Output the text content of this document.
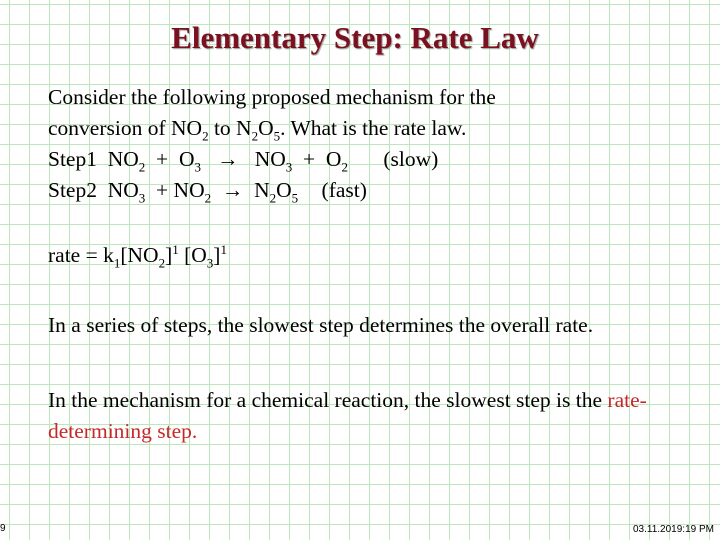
Elementary Step: Rate Law
Consider the following proposed mechanism for the
conversion of $NO_2$ to $N_2O_5$. What is the rate law.
Step1 $NO_2 + O_3 \to NO_3 + O_2$ (slow)
Step2 $NO_3 + NO_2 \to N_2O_5$ (fast)
rate = $k_1[NO_2]^1$ $[O_3]^1$
In a series of steps, the slowest step determines the overall rate.
In the mechanism for a chemical reaction, the slowest step is the rate-determining step.
9	03.11.2019:19 PM
